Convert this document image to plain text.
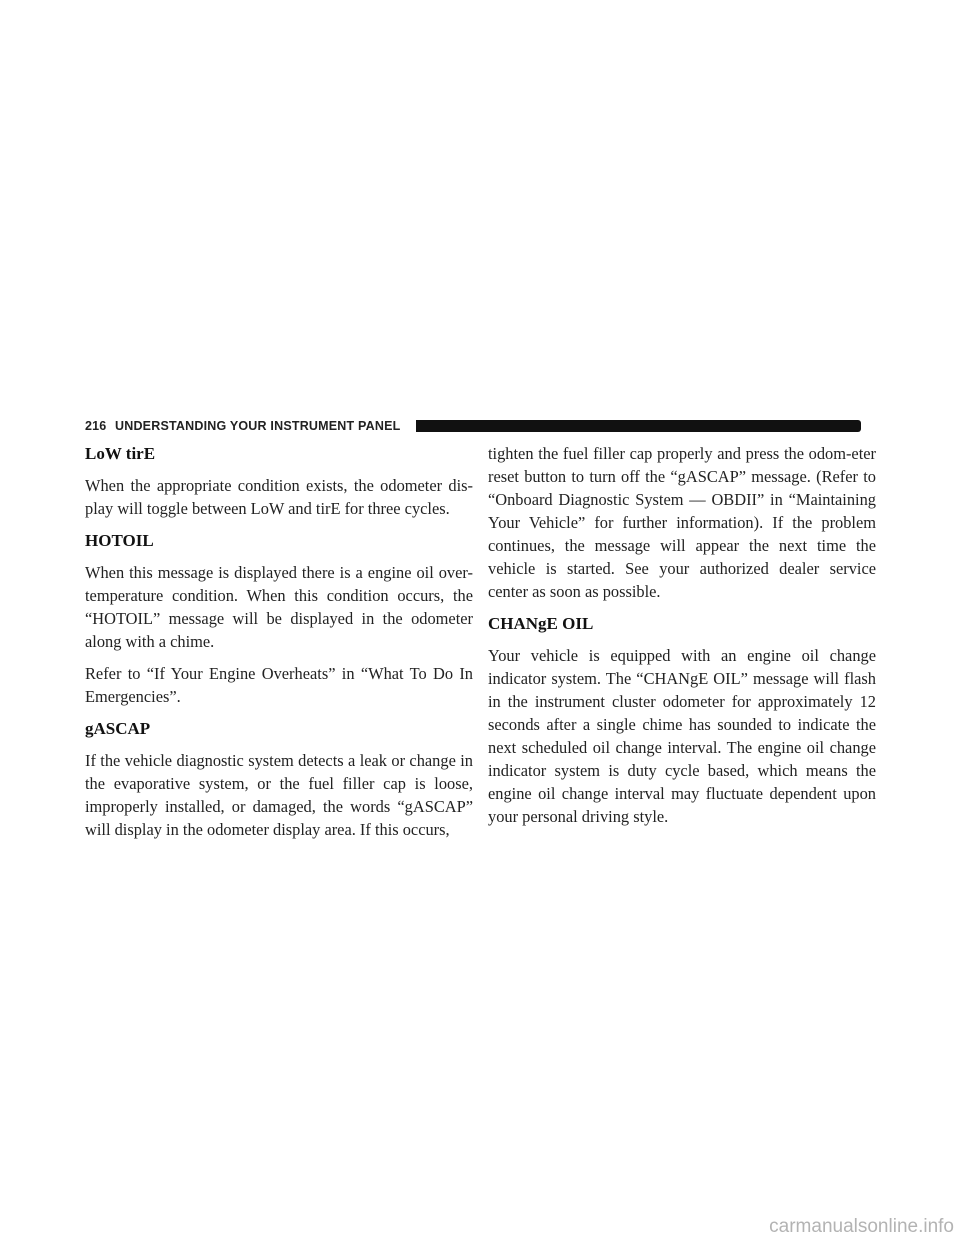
216 UNDERSTANDING YOUR INSTRUMENT PANEL
LoW tirE

When the appropriate condition exists, the odometer dis-play will toggle between LoW and tirE for three cycles.

HOTOIL

When this message is displayed there is a engine oil over-temperature condition. When this condition occurs, the “HOTOIL” message will be displayed in the odometer along with a chime.

Refer to “If Your Engine Overheats” in “What To Do In Emergencies”.

gASCAP

If the vehicle diagnostic system detects a leak or change in the evaporative system, or the fuel filler cap is loose, improperly installed, or damaged, the words “gASCAP” will display in the odometer display area. If this occurs,

tighten the fuel filler cap properly and press the odom-eter reset button to turn off the “gASCAP” message. (Refer to “Onboard Diagnostic System — OBDII” in “Maintaining Your Vehicle” for further information). If the problem continues, the message will appear the next time the vehicle is started. See your authorized dealer service center as soon as possible.

CHANgE OIL

Your vehicle is equipped with an engine oil change indicator system. The “CHANgE OIL” message will flash in the instrument cluster odometer for approximately 12 seconds after a single chime has sounded to indicate the next scheduled oil change interval. The engine oil change indicator system is duty cycle based, which means the engine oil change interval may fluctuate dependent upon your personal driving style.

carmanualsonline.info
